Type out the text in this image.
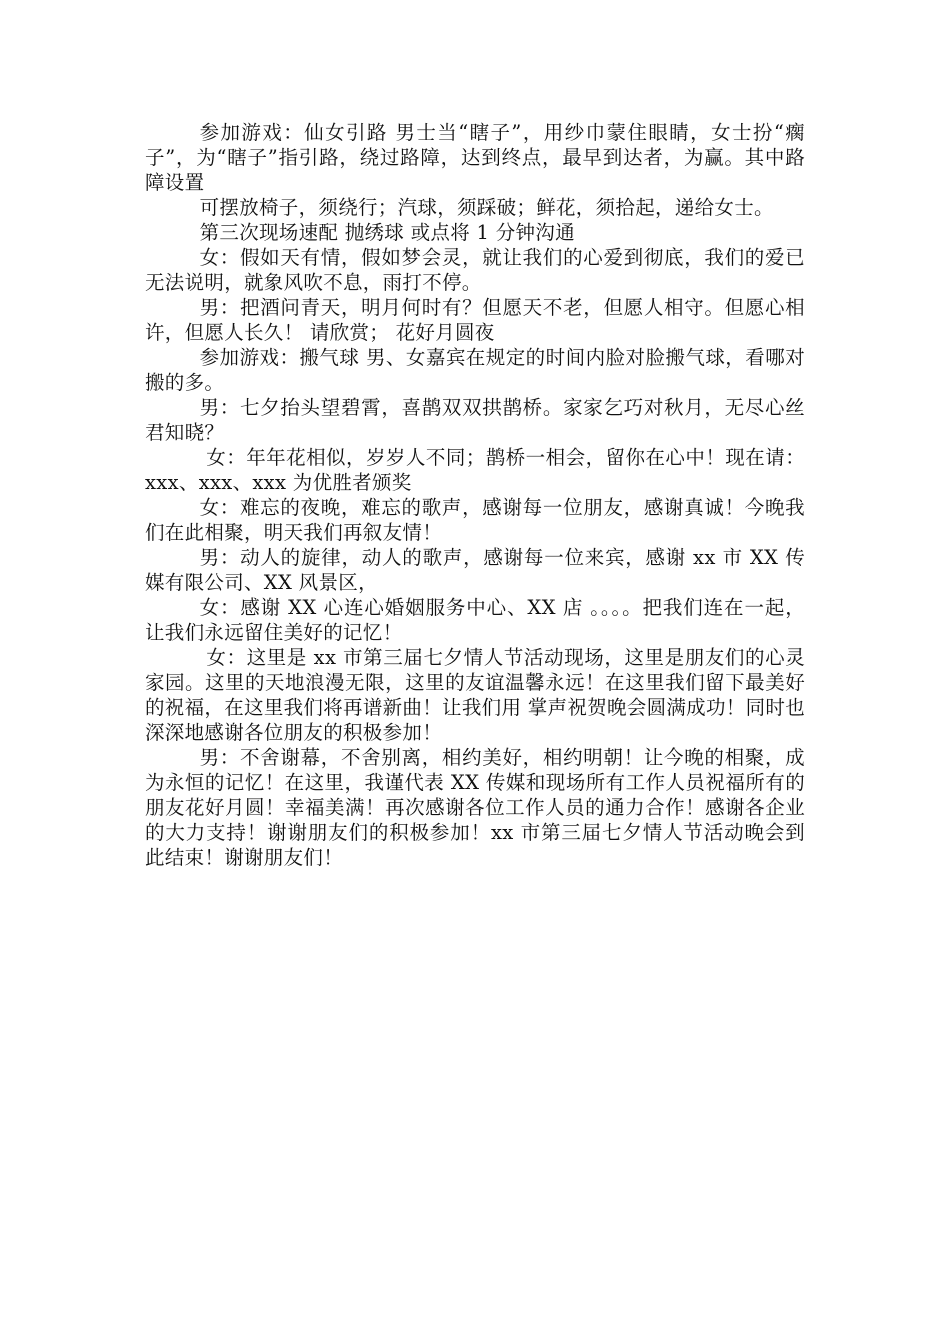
参加游戏：仙女引路 男士当“瞎子”，用纱巾蒙住眼睛，女士扮“瘸子”，为“瞎子”指引路，绕过路障，达到终点，最早到达者，为赢。其中路障设置

可摆放椅子，须绕行；汽球，须踩破；鲜花，须拾起，递给女士。

第三次现场速配 抛绣球 或点将 1 分钟沟通

女：假如天有情，假如梦会灵，就让我们的心爱到彻底，我们的爱已无法说明，就象风吹不息，雨打不停。

男：把酒问青天，明月何时有？但愿天不老，但愿人相守。但愿心相许，但愿人长久！ 请欣赏； 花好月圆夜

参加游戏：搬气球 男、女嘉宾在规定的时间内脸对脸搬气球，看哪对搬的多。

男：七夕抬头望碧霄，喜鹊双双拱鹊桥。家家乞巧对秋月，无尽心丝君知晓？

女：年年花相似，岁岁人不同；鹊桥一相会，留你在心中！现在请：xxx、xxx、xxx 为优胜者颁奖

女：难忘的夜晚，难忘的歌声，感谢每一位朋友，感谢真诚！今晚我们在此相聚，明天我们再叙友情！

男：动人的旋律，动人的歌声，感谢每一位来宾，感谢 xx 市 XX 传媒有限公司、XX 风景区，

女：感谢 XX 心连心婚姻服务中心、XX 店 。。。。把我们连在一起，让我们永远留住美好的记忆！

女：这里是 xx 市第三届七夕情人节活动现场，这里是朋友们的心灵家园。这里的天地浪漫无限，这里的友谊温馨永远！在这里我们留下最美好的祝福，在这里我们将再谱新曲！让我们用 掌声祝贺晚会圆满成功！同时也深深地感谢各位朋友的积极参加！

男：不舍谢幕，不舍别离，相约美好，相约明朝！让今晚的相聚，成为永恒的记忆！在这里，我谨代表 XX 传媒和现场所有工作人员祝福所有的朋友花好月圆！幸福美满！再次感谢各位工作人员的通力合作！感谢各企业的大力支持！谢谢朋友们的积极参加！xx 市第三届七夕情人节活动晚会到此结束！谢谢朋友们！
